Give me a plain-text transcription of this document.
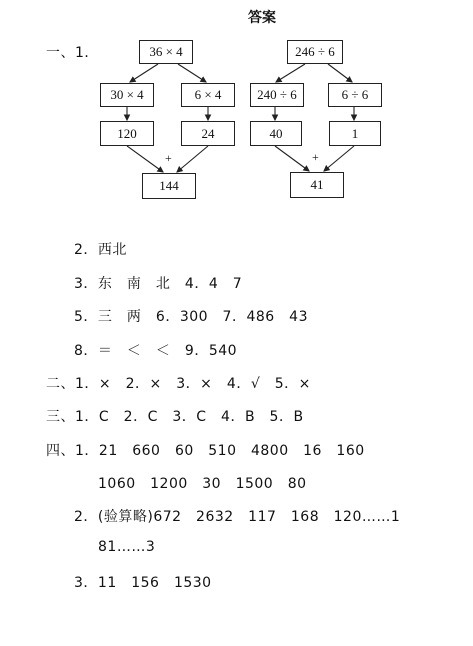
答案
一、1．	36 × 4
30 × 4	6 × 4
120	24
+
144
246 ÷ 6
240 ÷ 6	6 ÷ 6
40	1
+
41
2．西北
3．东　南　北　4．4　7
5．三　两　6．300　7．486　43
8．＝　＜　＜　9．540
二、1．×　2．×　3．×　4．√　5．×
三、1．C　2．C　3．C　4．B　5．B
四、1．21　660　60　510　4800　16　160
1060　1200　30　1500　80
2．(验算略)672　2632　117　168　120……1
81……3
3．11　156　1530
